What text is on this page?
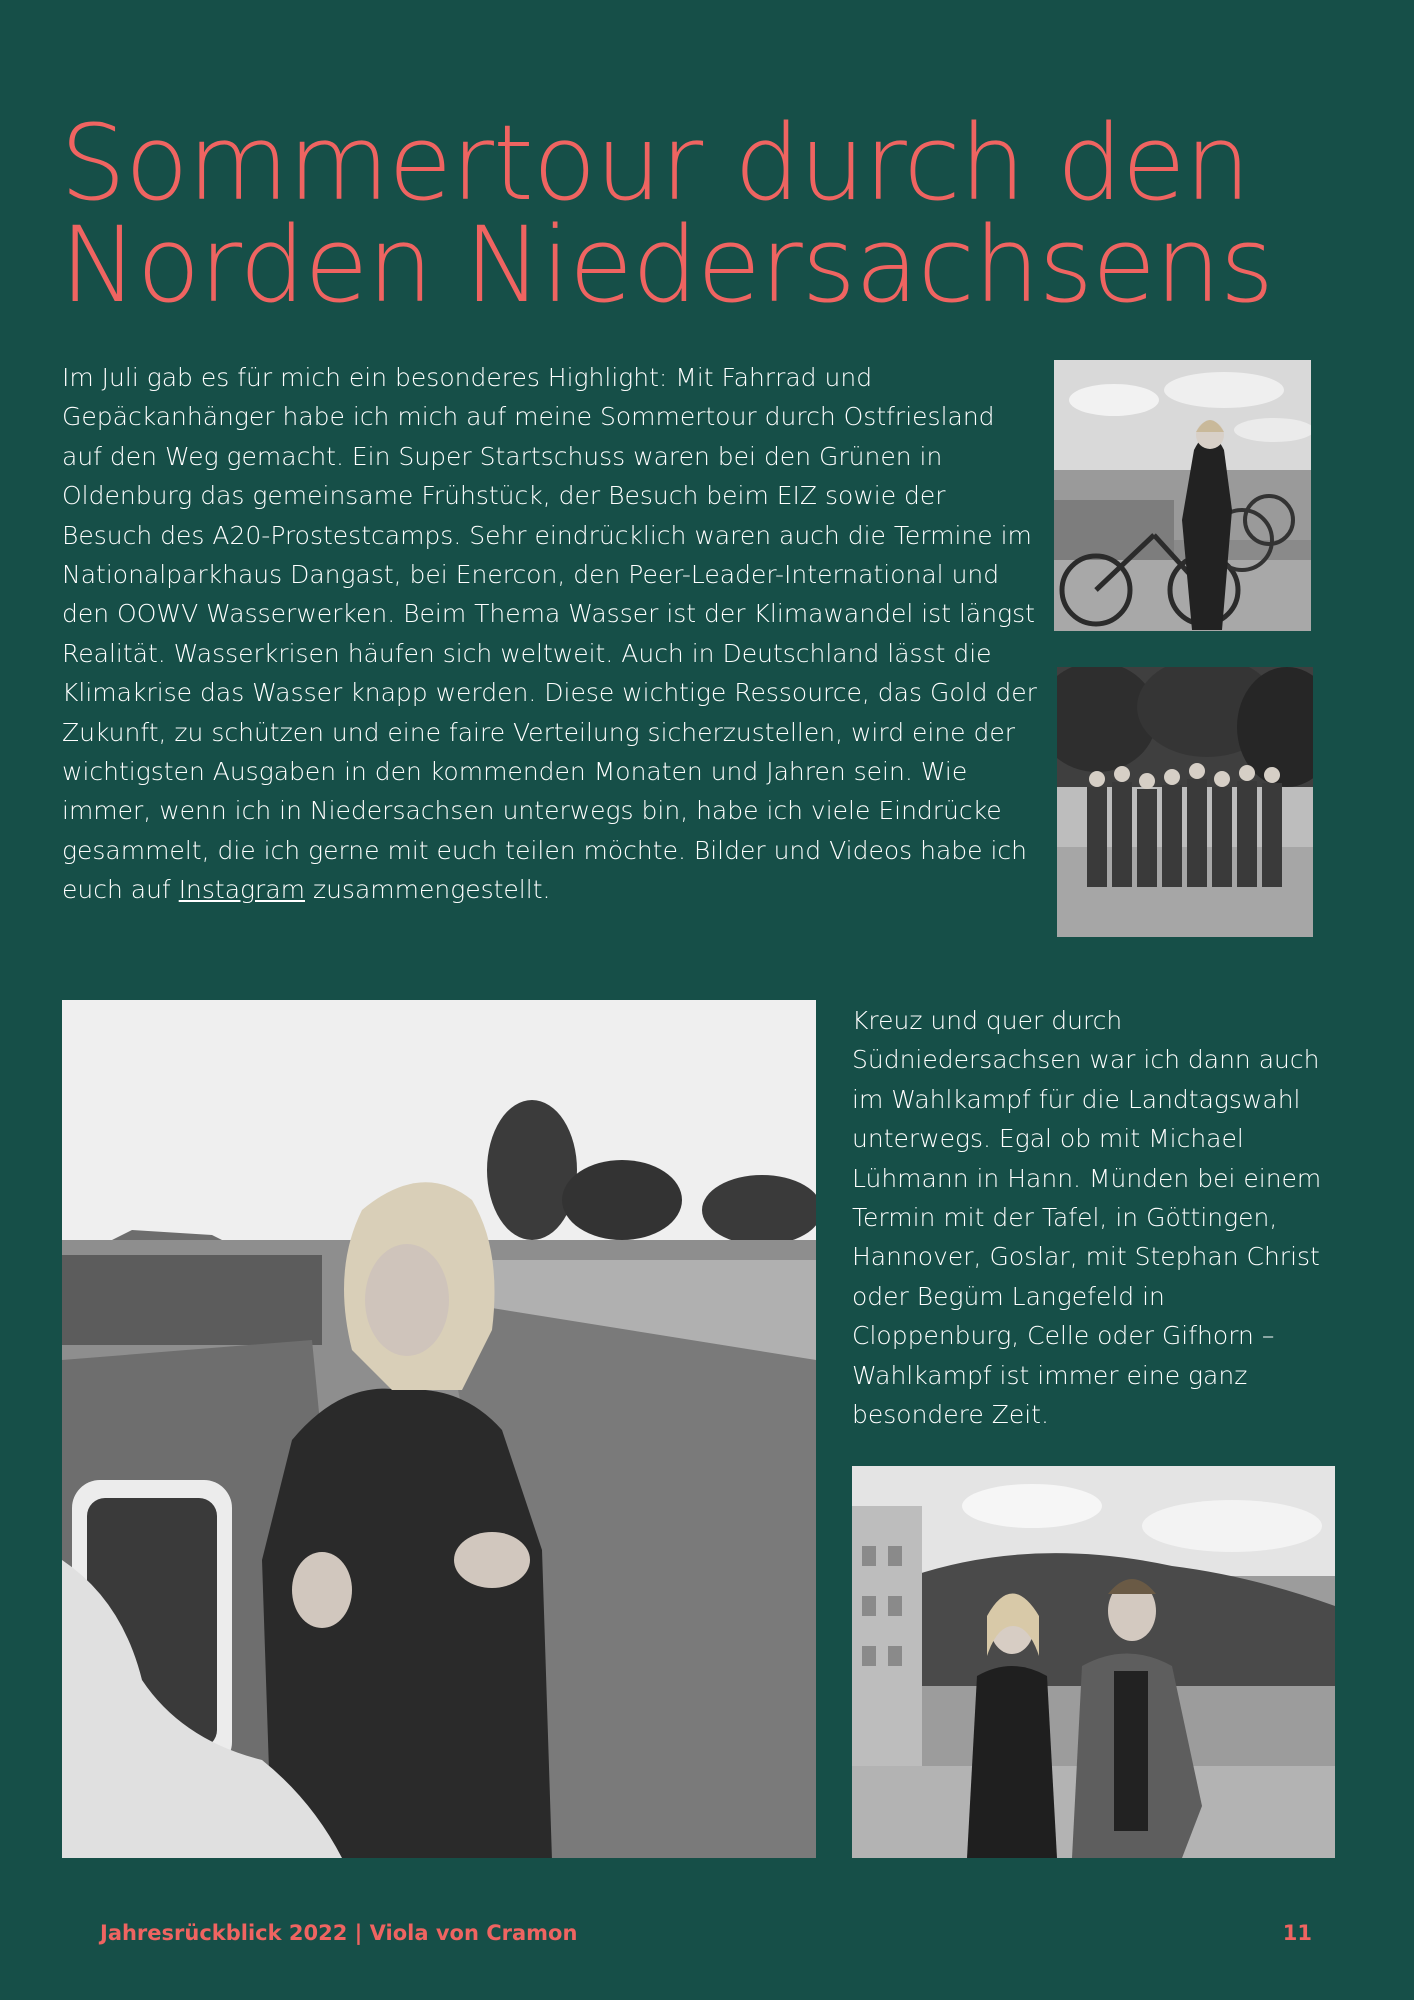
Sommertour durch den
Norden Niedersachsens

Im Juli gab es für mich ein besonderes Highlight: Mit Fahrrad und Gepäckanhänger habe ich mich auf meine Sommertour durch Ostfriesland auf den Weg gemacht. Ein Super Startschuss waren bei den Grünen in Oldenburg das gemeinsame Frühstück, der Besuch beim EIZ sowie der Besuch des A20-Prostestcamps. Sehr eindrücklich waren auch die Termine im Nationalparkhaus Dangast, bei Enercon, den Peer-Leader-International und den OOWV Wasserwerken. Beim Thema Wasser ist der Klimawandel ist längst Realität. Wasserkrisen häufen sich weltweit. Auch in Deutschland lässt die Klimakrise das Wasser knapp werden. Diese wichtige Ressource, das Gold der Zukunft, zu schützen und eine faire Verteilung sicherzustellen, wird eine der wichtigsten Ausgaben in den kommenden Monaten und Jahren sein. Wie immer, wenn ich in Niedersachsen unterwegs bin, habe ich viele Eindrücke gesammelt, die ich gerne mit euch teilen möchte. Bilder und Videos habe ich euch auf Instagram zusammengestellt.

Kreuz und quer durch Südniedersachsen war ich dann auch im Wahlkampf für die Landtagswahl unterwegs. Egal ob mit Michael Lühmann in Hann. Münden bei einem Termin mit der Tafel, in Göttingen, Hannover, Goslar, mit Stephan Christ oder Begüm Langefeld in Cloppenburg, Celle oder Gifhorn – Wahlkampf ist immer eine ganz besondere Zeit.

Jahresrückblick 2022 | Viola von Cramon	11
